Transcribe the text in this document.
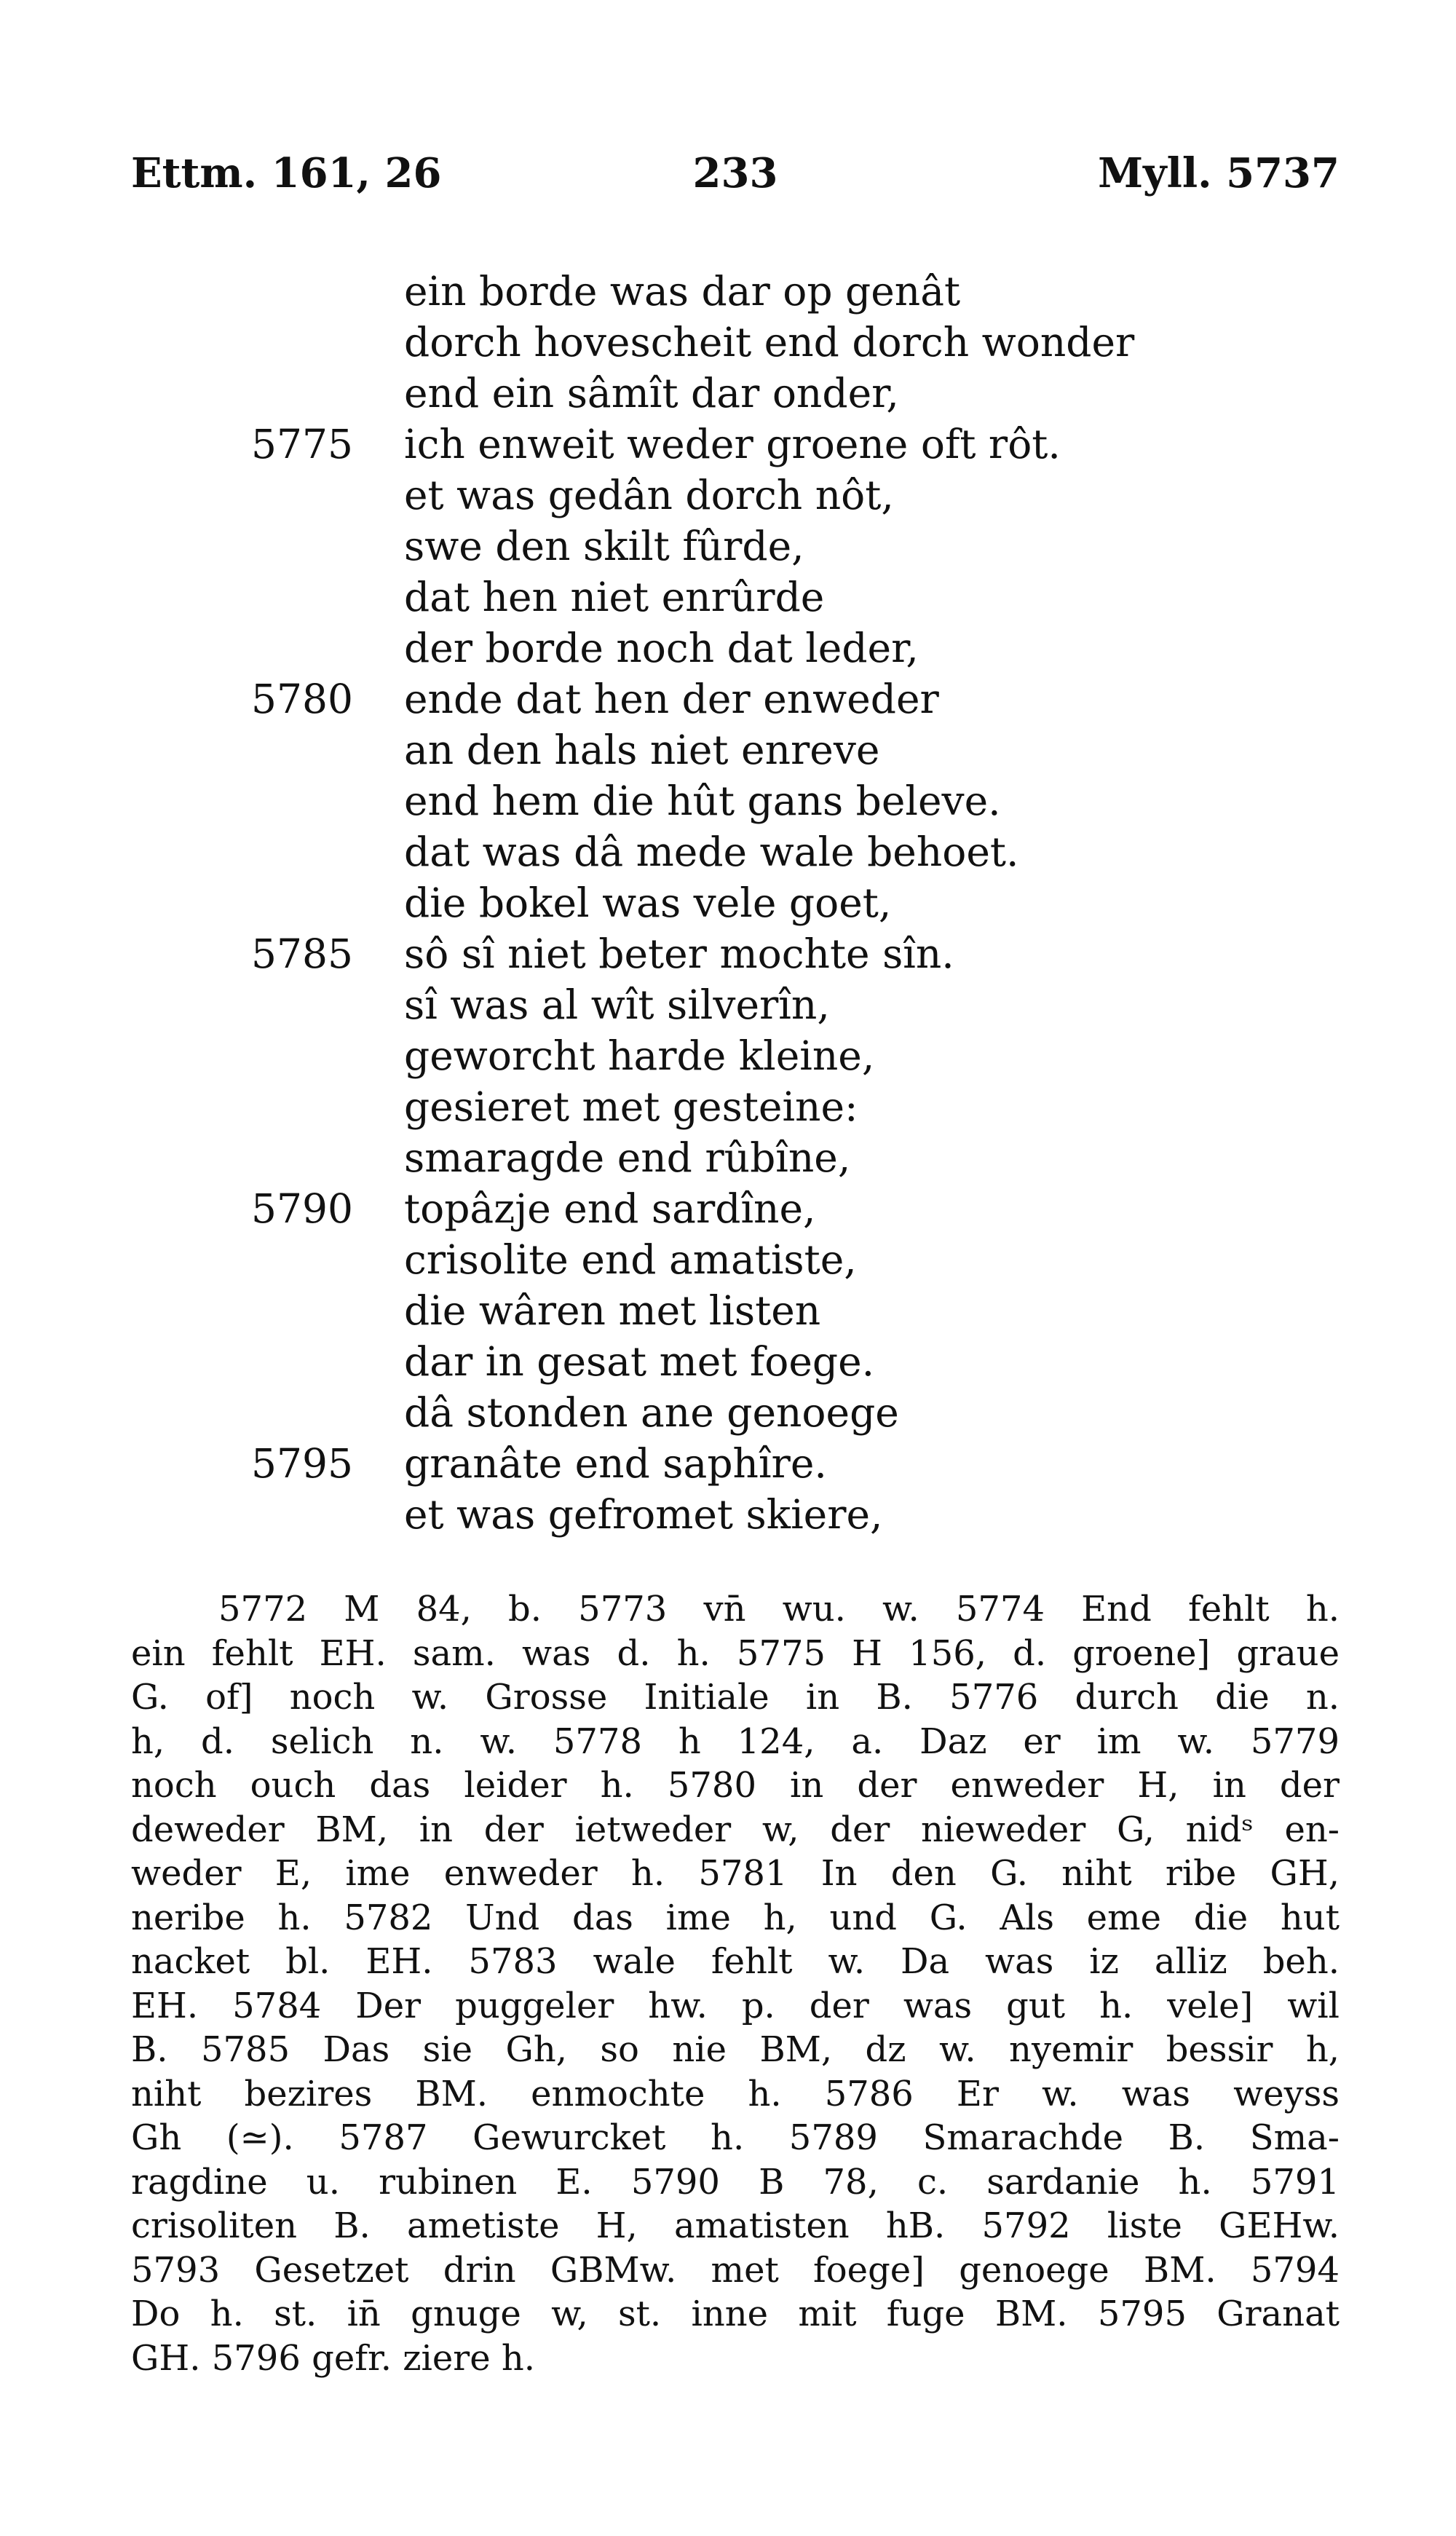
Ettm. 161, 26	233	Myll. 5737
ein borde was dar op genât
dorch hovescheit end dorch wonder
end ein sâmît dar onder,
5775 ich enweit weder groene oft rôt.
et was gedân dorch nôt,
swe den skilt fûrde,
dat hen niet enrûrde
der borde noch dat leder,
5780 ende dat hen der enweder
an den hals niet enreve
end hem die hût gans beleve.
dat was dâ mede wale behoet.
die bokel was vele goet,
5785 sô sî niet beter mochte sîn.
sî was al wît silverîn,
geworcht harde kleine,
gesieret met gesteine:
smaragde end rûbîne,
5790 topâzje end sardîne,
crisolite end amatiste,
die wâren met listen
dar in gesat met foege.
dâ stonden ane genoege
5795 granâte end saphîre.
et was gefromet skiere,
5772 M 84, b. 5773 vn̄ wu. w. 5774 End fehlt h.
ein fehlt EH. sam. was d. h. 5775 H 156, d. groene] graue
G. of] noch w. Grosse Initiale in B. 5776 durch die n.
h, d. selich n. w. 5778 h 124, a. Daz er im w. 5779
noch ouch das leider h. 5780 in der enweder H, in der
deweder BM, in der ietweder w, der nieweder G, nidˢ en-
weder E, ime enweder h. 5781 In den G. niht ribe GH,
neribe h. 5782 Und das ime h, und G. Als eme die hut
nacket bl. EH. 5783 wale fehlt w. Da was iz alliz beh.
EH. 5784 Der puggeler hw. p. der was gut h. vele] wil
B. 5785 Das sie Gh, so nie BM, dz w. nyemir bessir h,
niht bezires BM. enmochte h. 5786 Er w. was weyss
Gh (≃). 5787 Gewurcket h. 5789 Smarachde B. Sma-
ragdine u. rubinen E. 5790 B 78, c. sardanie h. 5791
crisoliten B. ametiste H, amatisten hB. 5792 liste GEHw.
5793 Gesetzet drin GBMw. met foege] genoege BM. 5794
Do h. st. in̄ gnuge w, st. inne mit fuge BM. 5795 Granat
GH. 5796 gefr. ziere h.
